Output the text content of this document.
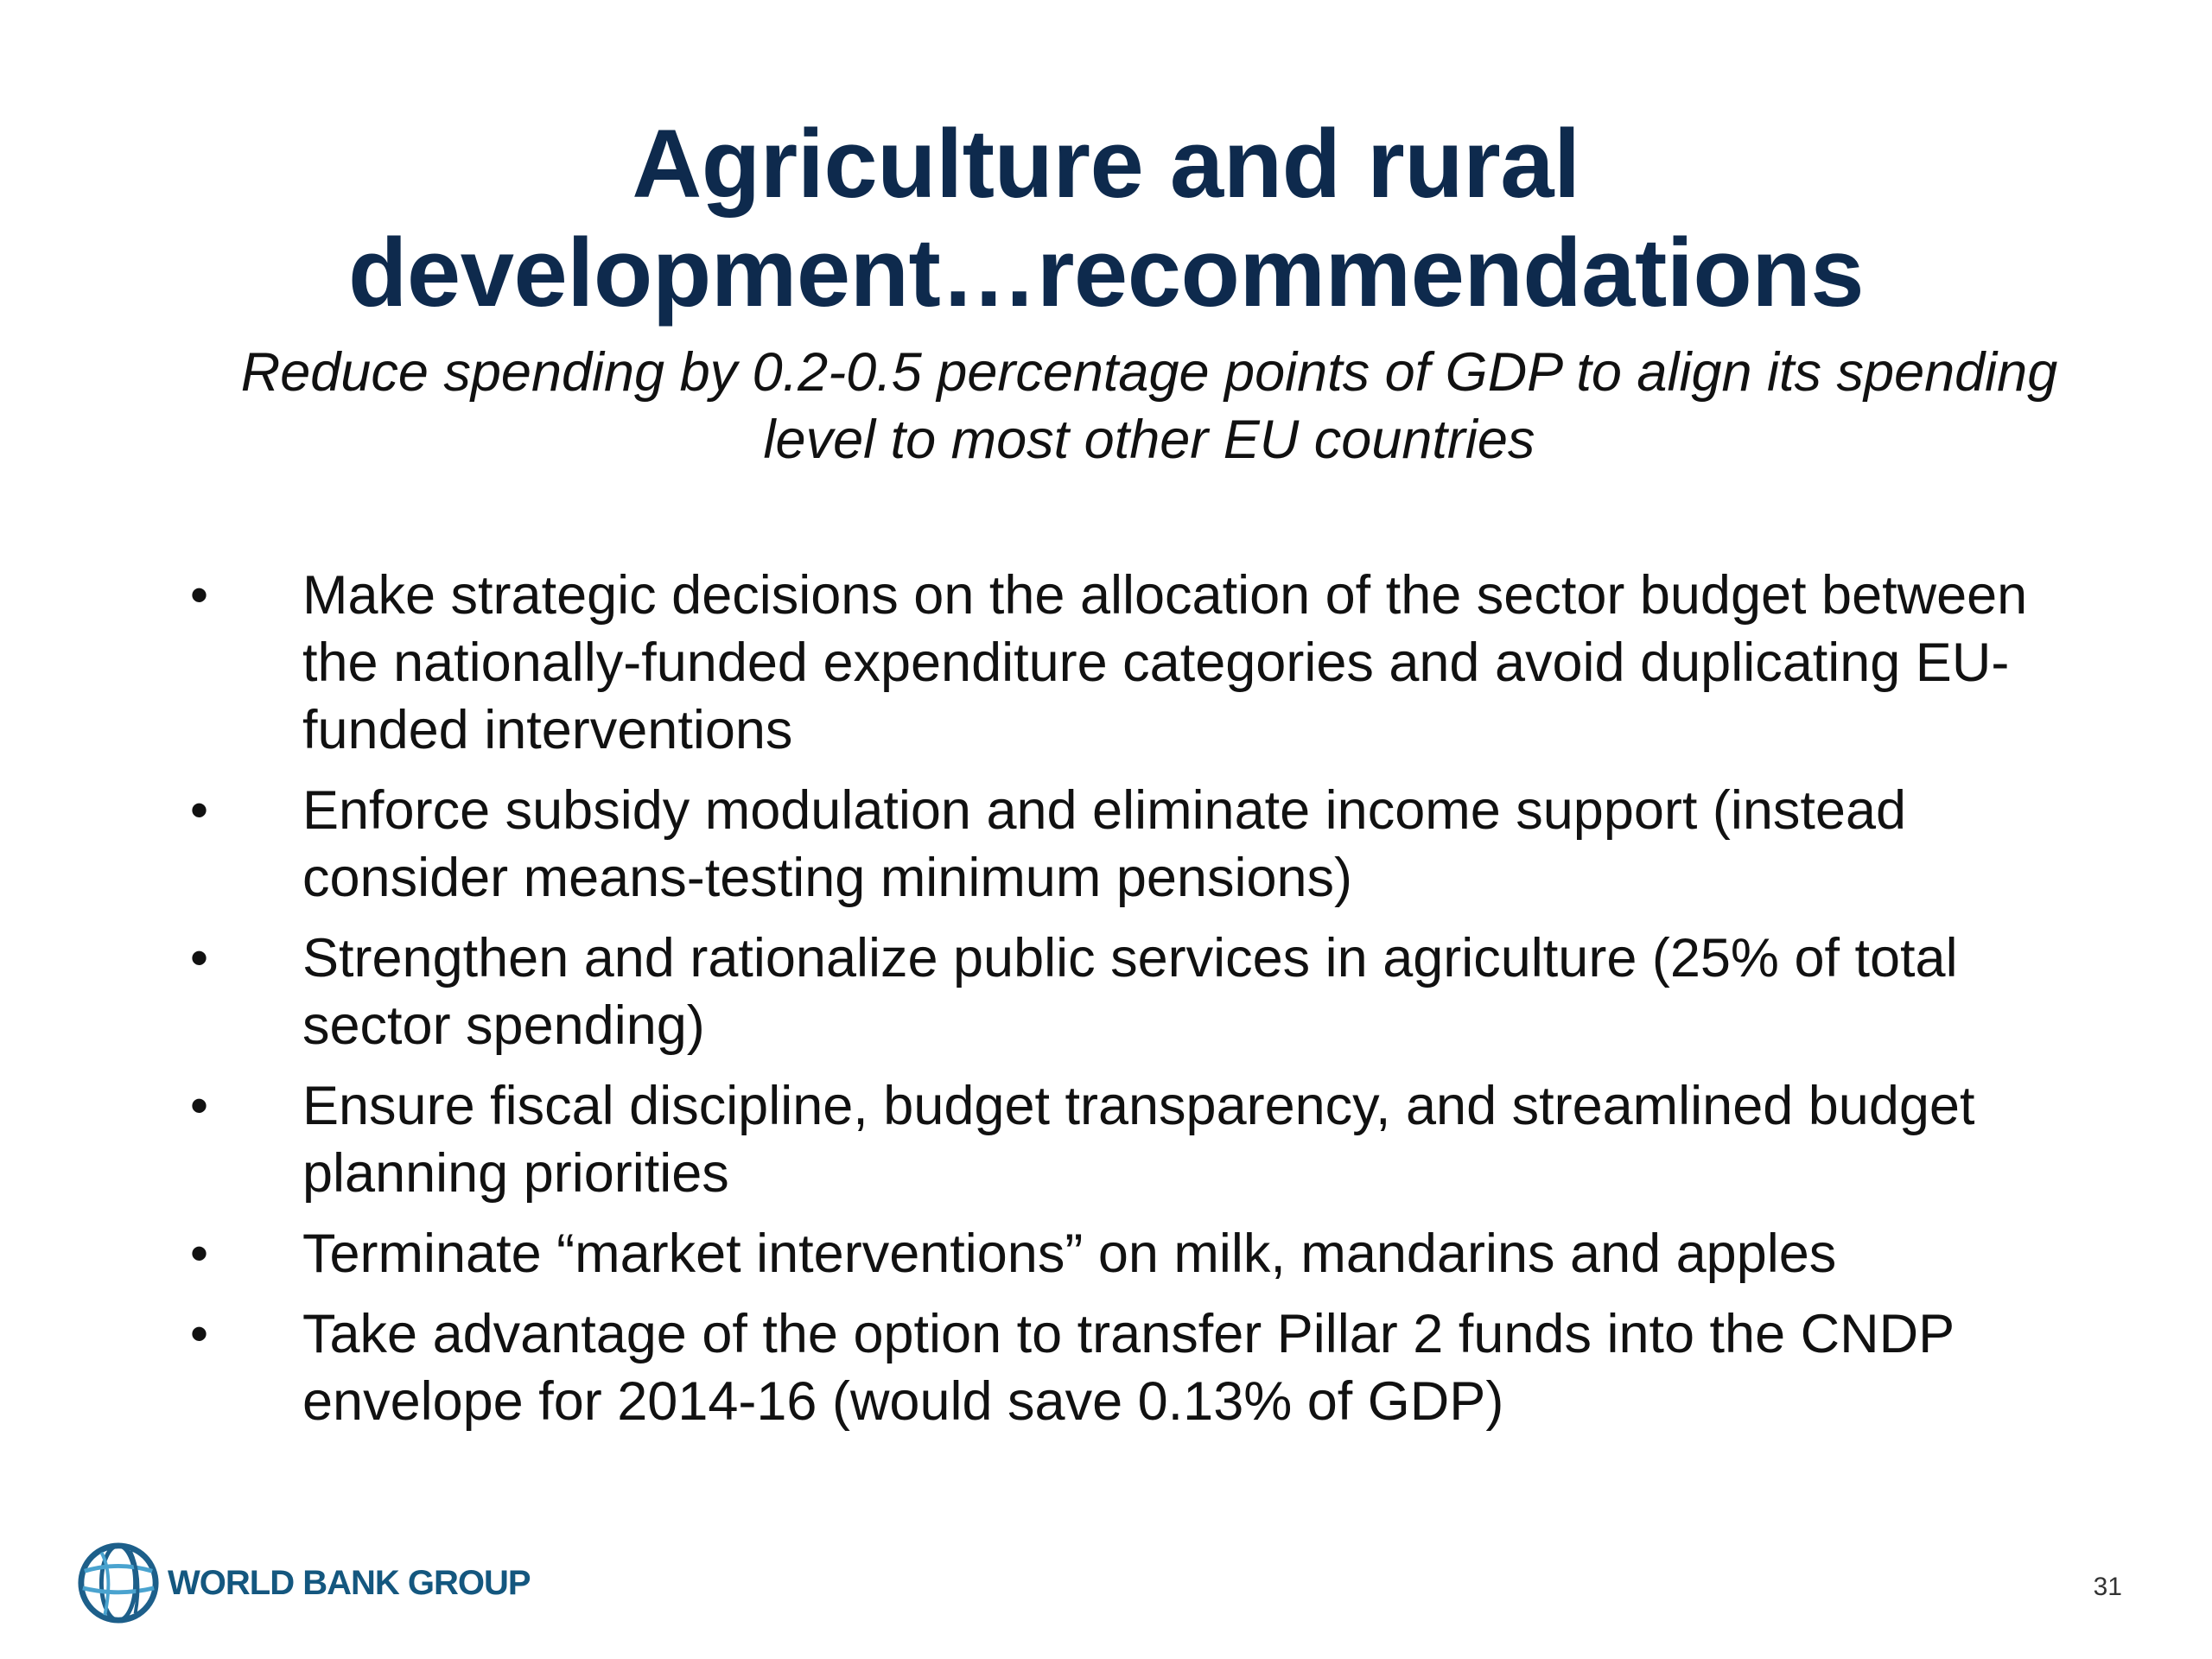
Agriculture and rural
development…recommendations
Reduce spending by 0.2-0.5 percentage points of GDP to align its spending
level to most other EU countries
• Make strategic decisions on the allocation of the sector budget between
the nationally-funded expenditure categories and avoid duplicating EU-
funded interventions
• Enforce subsidy modulation and eliminate income support (instead
consider means-testing minimum pensions)
• Strengthen and rationalize public services in agriculture (25% of total
sector spending)
• Ensure fiscal discipline, budget transparency, and streamlined budget
planning priorities
• Terminate “market interventions” on milk, mandarins and apples
• Take advantage of the option to transfer Pillar 2 funds into the CNDP
envelope for 2014-16 (would save 0.13% of GDP)
WORLD BANK GROUP	31
